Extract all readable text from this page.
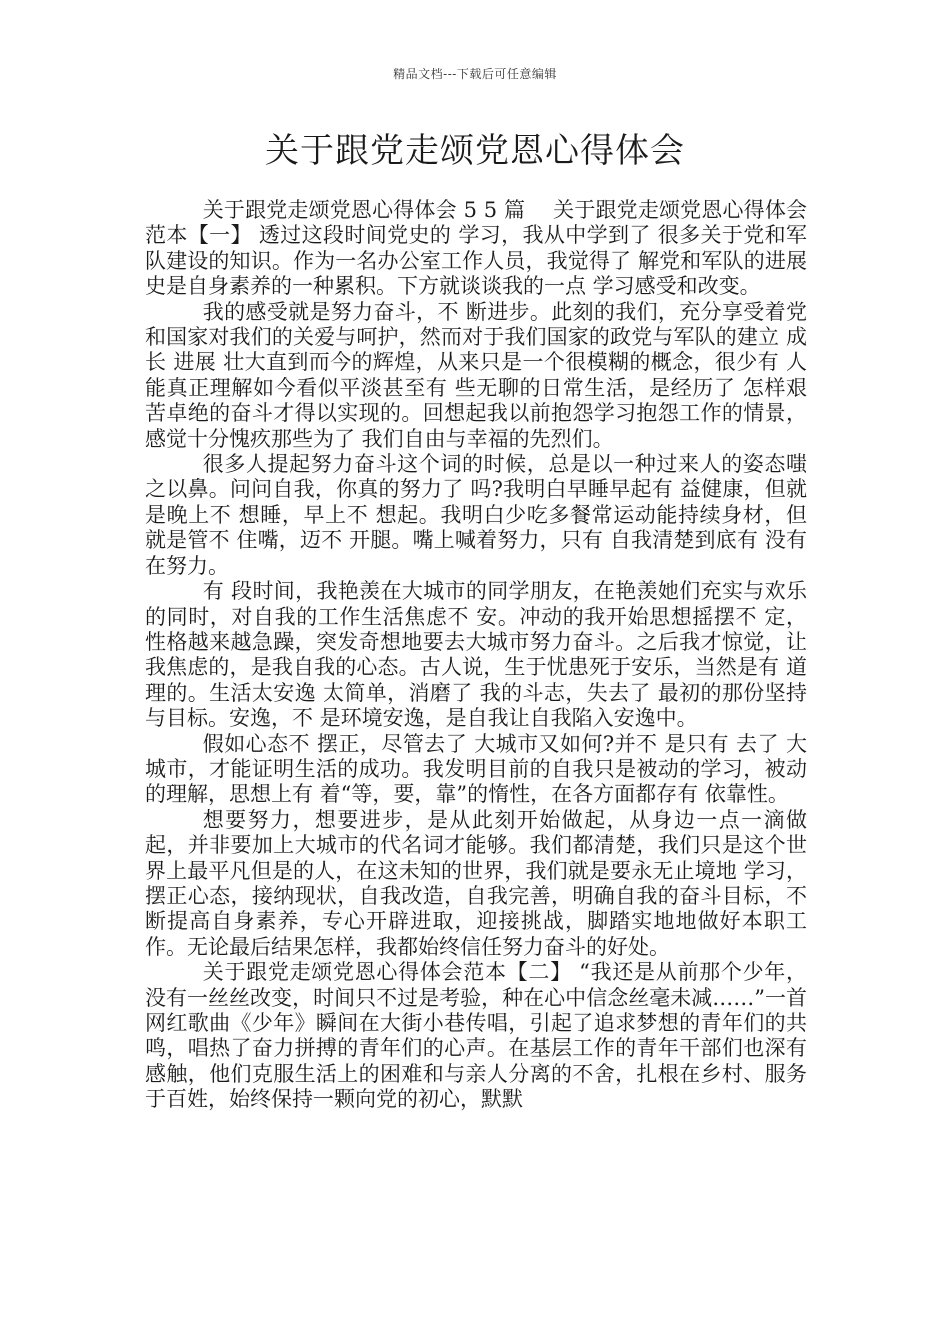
精品文档---下载后可任意编辑
关于跟党走颂党恩心得体会

关于跟党走颂党恩心得体会 5 5 篇　 关于跟党走颂党恩心得体会范本【一】 透过这段时间党史的 学习，我从中学到了 很多关于党和军队建设的知识。作为一名办公室工作人员，我觉得了 解党和军队的进展史是自身素养的一种累积。下方就谈谈我的一点 学习感受和改变。

我的感受就是努力奋斗，不 断进步。此刻的我们，充分享受着党和国家对我们的关爱与呵护，然而对于我们国家的政党与军队的建立 成长 进展 壮大直到而今的辉煌，从来只是一个很模糊的概念，很少有 人能真正理解如今看似平淡甚至有 些无聊的日常生活，是经历了 怎样艰苦卓绝的奋斗才得以实现的。回想起我以前抱怨学习抱怨工作的情景，感觉十分愧疚那些为了 我们自由与幸福的先烈们。

很多人提起努力奋斗这个词的时候，总是以一种过来人的姿态嗤之以鼻。问问自我，你真的努力了 吗?我明白早睡早起有 益健康，但就是晚上不 想睡，早上不 想起。我明白少吃多餐常运动能持续身材，但就是管不 住嘴，迈不 开腿。嘴上喊着努力，只有 自我清楚到底有 没有 在努力。

有 段时间，我艳羡在大城市的同学朋友，在艳羡她们充实与欢乐的同时，对自我的工作生活焦虑不 安。冲动的我开始思想摇摆不 定，性格越来越急躁，突发奇想地要去大城市努力奋斗。之后我才惊觉，让我焦虑的，是我自我的心态。古人说，生于忧患死于安乐，当然是有 道理的。生活太安逸 太简单，消磨了 我的斗志，失去了 最初的那份坚持与目标。安逸，不 是环境安逸，是自我让自我陷入安逸中。

假如心态不 摆正，尽管去了 大城市又如何?并不 是只有 去了 大城市，才能证明生活的成功。我发明目前的自我只是被动的学习，被动的理解，思想上有 着“等，要，靠”的惰性，在各方面都存有 依靠性。

想要努力，想要进步，是从此刻开始做起，从身边一点一滴做起，并非要加上大城市的代名词才能够。我们都清楚，我们只是这个世界上最平凡但是的人，在这未知的世界，我们就是要永无止境地 学习，摆正心态，接纳现状，自我改造，自我完善，明确自我的奋斗目标，不 断提高自身素养，专心开辟进取，迎接挑战，脚踏实地地做好本职工作。无论最后结果怎样，我都始终信任努力奋斗的好处。

关于跟党走颂党恩心得体会范本【二】 “我还是从前那个少年，没有一丝丝改变，时间只不过是考验，种在心中信念丝毫未减……”一首网红歌曲《少年》瞬间在大街小巷传唱，引起了追求梦想的青年们的共鸣，唱热了奋力拼搏的青年们的心声。在基层工作的青年干部们也深有感触，他们克服生活上的困难和与亲人分离的不舍，扎根在乡村、服务于百姓，始终保持一颗向党的初心，默默
